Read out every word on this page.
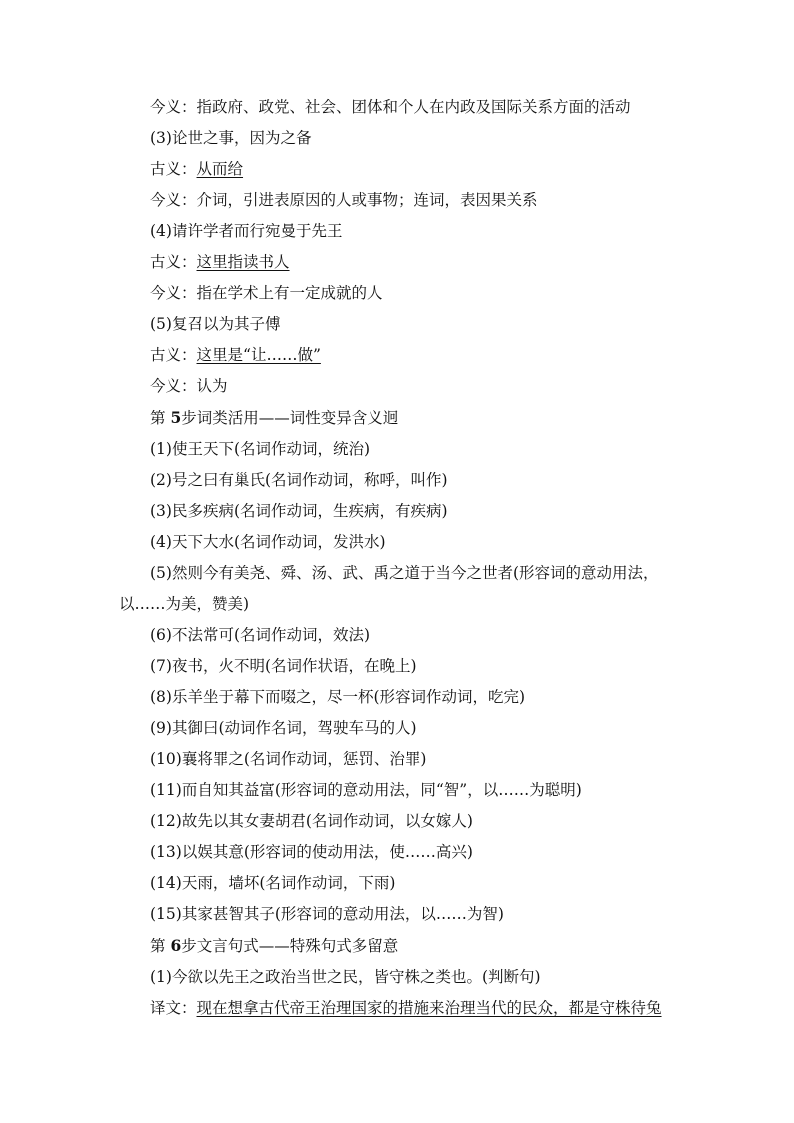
今义：指政府、政党、社会、团体和个人在内政及国际关系方面的活动
(3)论世之事，因为之备
古义：从而给
今义：介词，引进表原因的人或事物；连词，表因果关系
(4)请许学者而行宛曼于先王
古义：这里指读书人
今义：指在学术上有一定成就的人
(5)复召以为其子傅
古义：这里是“让……做”
今义：认为
第 5步词类活用——词性变异含义迥
(1)使王天下(名词作动词，统治)
(2)号之曰有巢氏(名词作动词，称呼，叫作)
(3)民多疾病(名词作动词，生疾病，有疾病)
(4)天下大水(名词作动词，发洪水)
(5)然则今有美尧、舜、汤、武、禹之道于当今之世者(形容词的意动用法，以……为美，赞美)
(6)不法常可(名词作动词，效法)
(7)夜书，火不明(名词作状语，在晚上)
(8)乐羊坐于幕下而啜之，尽一杯(形容词作动词，吃完)
(9)其御曰(动词作名词，驾驶车马的人)
(10)襄将罪之(名词作动词，惩罚、治罪)
(11)而自知其益富(形容词的意动用法，同“智”，以……为聪明)
(12)故先以其女妻胡君(名词作动词，以女嫁人)
(13)以娱其意(形容词的使动用法，使……高兴)
(14)天雨，墙坏(名词作动词，下雨)
(15)其家甚智其子(形容词的意动用法，以……为智)
第 6步文言句式——特殊句式多留意
(1)今欲以先王之政治当世之民，皆守株之类也。(判断句)
译文：现在想拿古代帝王治理国家的措施来治理当代的民众，都是守株待兔
